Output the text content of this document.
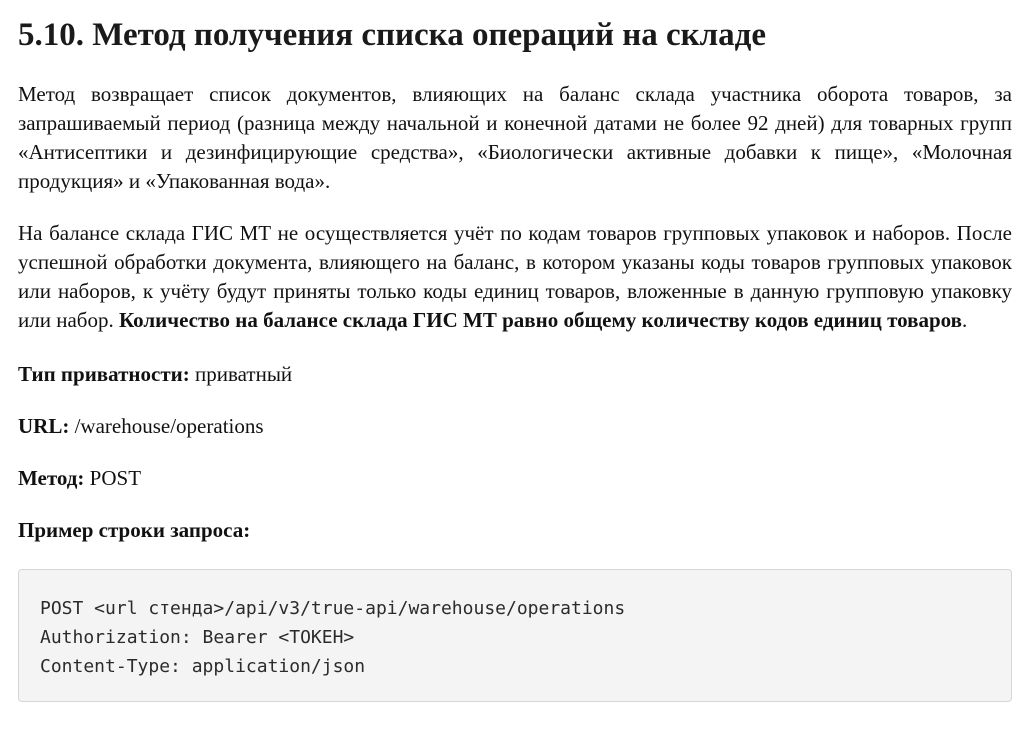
5.10. Метод получения списка операций на складе

Метод возвращает список документов, влияющих на баланс склада участника оборота товаров, за запрашиваемый период (разница между начальной и конечной датами не более 92 дней) для товарных групп «Антисептики и дезинфицирующие средства», «Биологически активные добавки к пище», «Молочная продукция» и «Упакованная вода».

На балансе склада ГИС МТ не осуществляется учёт по кодам товаров групповых упаковок и наборов. После успешной обработки документа, влияющего на баланс, в котором указаны коды товаров групповых упаковок или наборов, к учёту будут приняты только коды единиц товаров, вложенные в данную групповую упаковку или набор. Количество на балансе склада ГИС МТ равно общему количеству кодов единиц товаров.

Тип приватности: приватный

URL: /warehouse/operations

Метод: POST

Пример строки запроса:

POST <url стенда>/api/v3/true-api/warehouse/operations
Authorization: Bearer <ТОКЕН>
Content-Type: application/json
